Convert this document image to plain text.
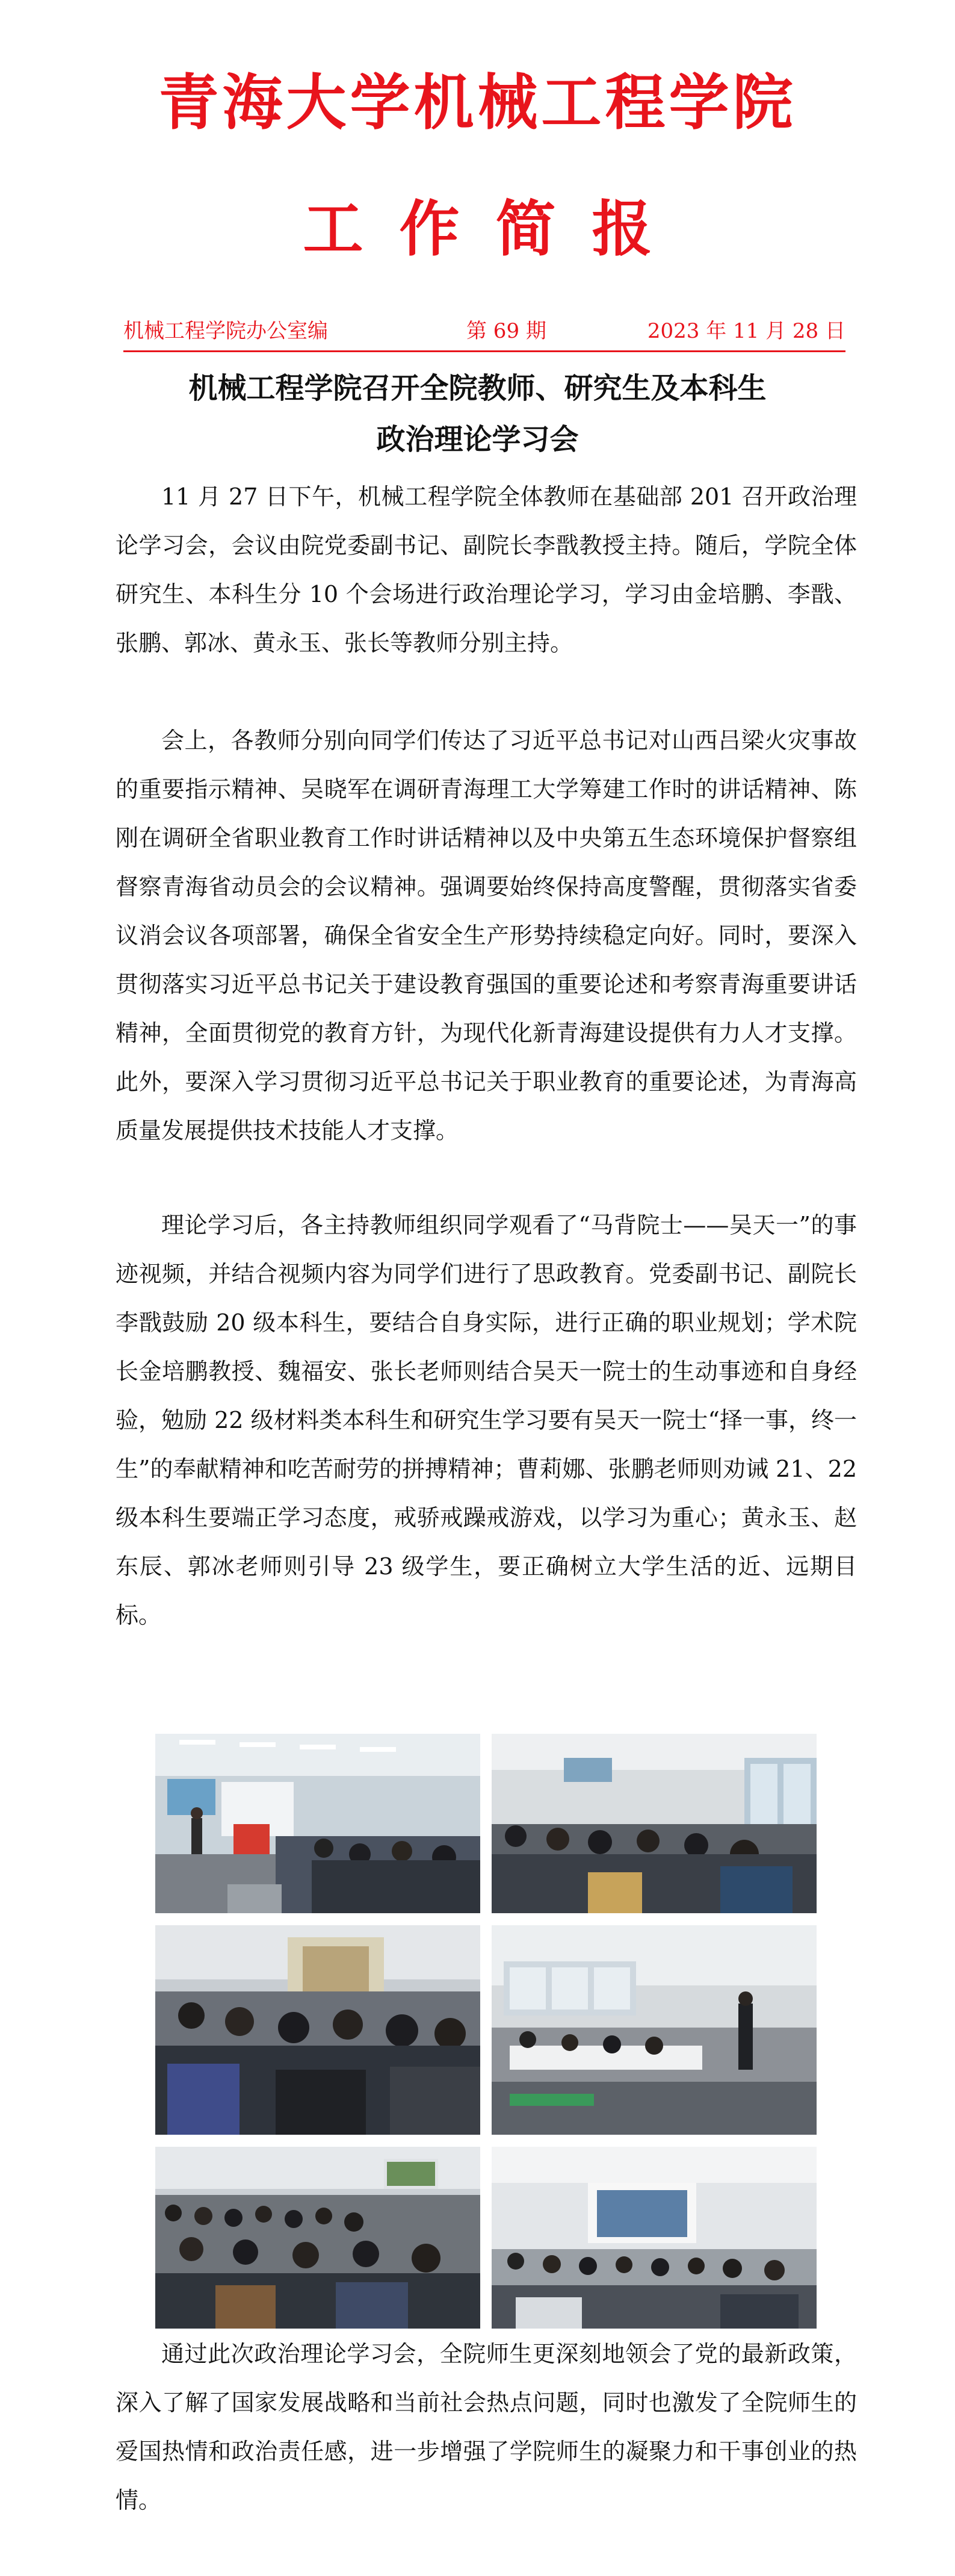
青海大学机械工程学院
工作简报
机械工程学院办公室编	第 69 期	2023 年 11 月 28 日
机械工程学院召开全院教师、研究生及本科生
政治理论学习会

11 月 27 日下午，机械工程学院全体教师在基础部 201 召开政治理论学习会，会议由院党委副书记、副院长李戬教授主持。随后，学院全体研究生、本科生分 10 个会场进行政治理论学习，学习由金培鹏、李戬、张鹏、郭冰、黄永玉、张长等教师分别主持。

会上，各教师分别向同学们传达了习近平总书记对山西吕梁火灾事故的重要指示精神、吴晓军在调研青海理工大学筹建工作时的讲话精神、陈刚在调研全省职业教育工作时讲话精神以及中央第五生态环境保护督察组督察青海省动员会的会议精神。强调要始终保持高度警醒，贯彻落实省委议消会议各项部署，确保全省安全生产形势持续稳定向好。同时，要深入贯彻落实习近平总书记关于建设教育强国的重要论述和考察青海重要讲话精神，全面贯彻党的教育方针，为现代化新青海建设提供有力人才支撑。此外，要深入学习贯彻习近平总书记关于职业教育的重要论述，为青海高质量发展提供技术技能人才支撑。

理论学习后，各主持教师组织同学观看了“马背院士——吴天一”的事迹视频，并结合视频内容为同学们进行了思政教育。党委副书记、副院长李戬鼓励 20 级本科生，要结合自身实际，进行正确的职业规划；学术院长金培鹏教授、魏福安、张长老师则结合吴天一院士的生动事迹和自身经验，勉励 22 级材料类本科生和研究生学习要有吴天一院士“择一事，终一生”的奉献精神和吃苦耐劳的拼搏精神；曹莉娜、张鹏老师则劝诫 21、22 级本科生要端正学习态度，戒骄戒躁戒游戏，以学习为重心；黄永玉、赵东辰、郭冰老师则引导 23 级学生，要正确树立大学生活的近、远期目标。

通过此次政治理论学习会，全院师生更深刻地领会了党的最新政策，深入了解了国家发展战略和当前社会热点问题，同时也激发了全院师生的爱国热情和政治责任感，进一步增强了学院师生的凝聚力和干事创业的热情。
